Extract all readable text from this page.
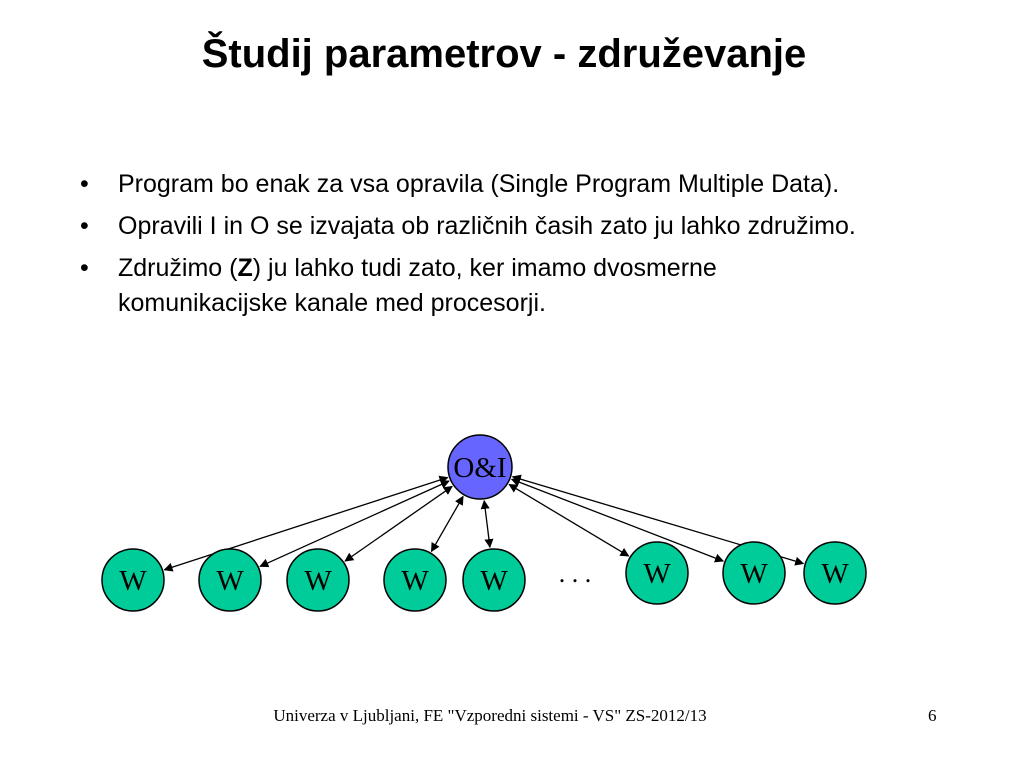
Študij parametrov - združevanje
• Program bo enak za vsa opravila (Single Program Multiple Data).
• Opravili I in O se izvajata ob različnih časih zato ju lahko združimo.
• Združimo (Z) ju lahko tudi zato, ker imamo dvosmerne komunikacijske kanale med procesorji.
O&I
W W W W W	W W W
. . .
Univerza v Ljubljani, FE "Vzporedni sistemi - VS" ZS-2012/13	6
